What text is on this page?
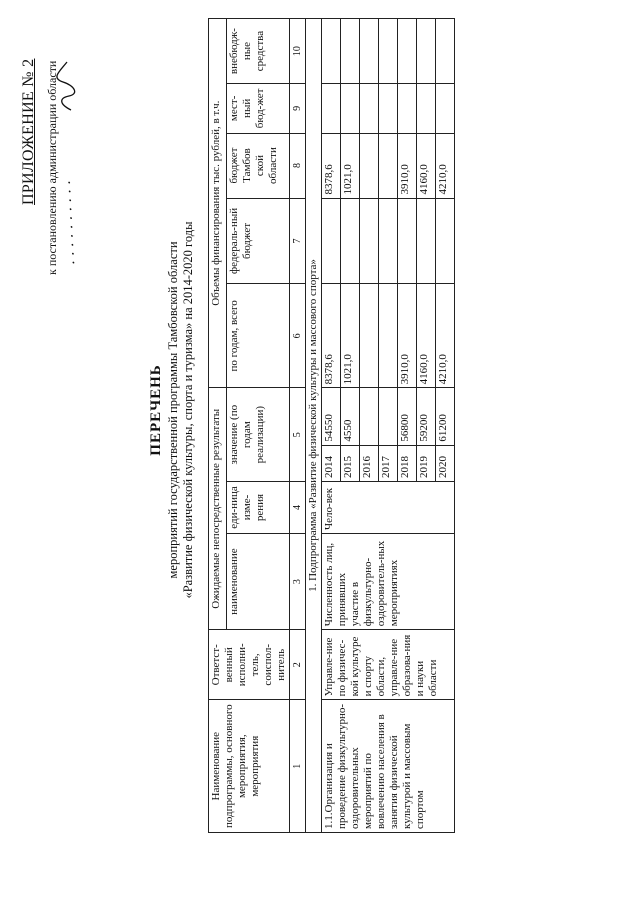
ПРИЛОЖЕНИЕ № 2 к постановлению администрации области
. . . . . . . . . .
ПЕРЕЧЕНЬ мероприятий государственной программы Тамбовской области «Развитие физической культуры, спорта и туризма» на 2014-2020 годы
Наименование подпрограммы, основного мероприятия, мероприятия	Ответст-венный исполни-тель, соиспол-нитель	Ожидаемые непосредственные результаты				Объемы финансирования тыс. рублей, в т.ч.				
		наименование	еди-ница изме-рения	значение (по годам реализации)		по годам, всего	федераль-ный бюджет	бюджет Тамбов ской области	мест-ный бюд-жет	внебюдж-ные средства
1	2	3	4	5		6	7	8	9	10
1. Подпрограмма «Развитие физической культуры и массового спорта»										
1.1.Организация и проведение физкультурно-оздоровительных мероприятий по вовлечению населения в занятия физической культурой и массовым спортом	Управле-ние по физичес-кой культуре и спорту области, управле-ние образова-ния и науки области	Численность лиц, принявших участие в физкультурно-оздоровитель-ных мероприятиях	Чело-век	2014	54550	8378,6		8378,6		
				2015	4550	1021,0		1021,0		
				2016						
				2017						
				2018	56800	3910,0		3910,0		
				2019	59200	4160,0		4160,0		
				2020	61200	4210,0		4210,0		
